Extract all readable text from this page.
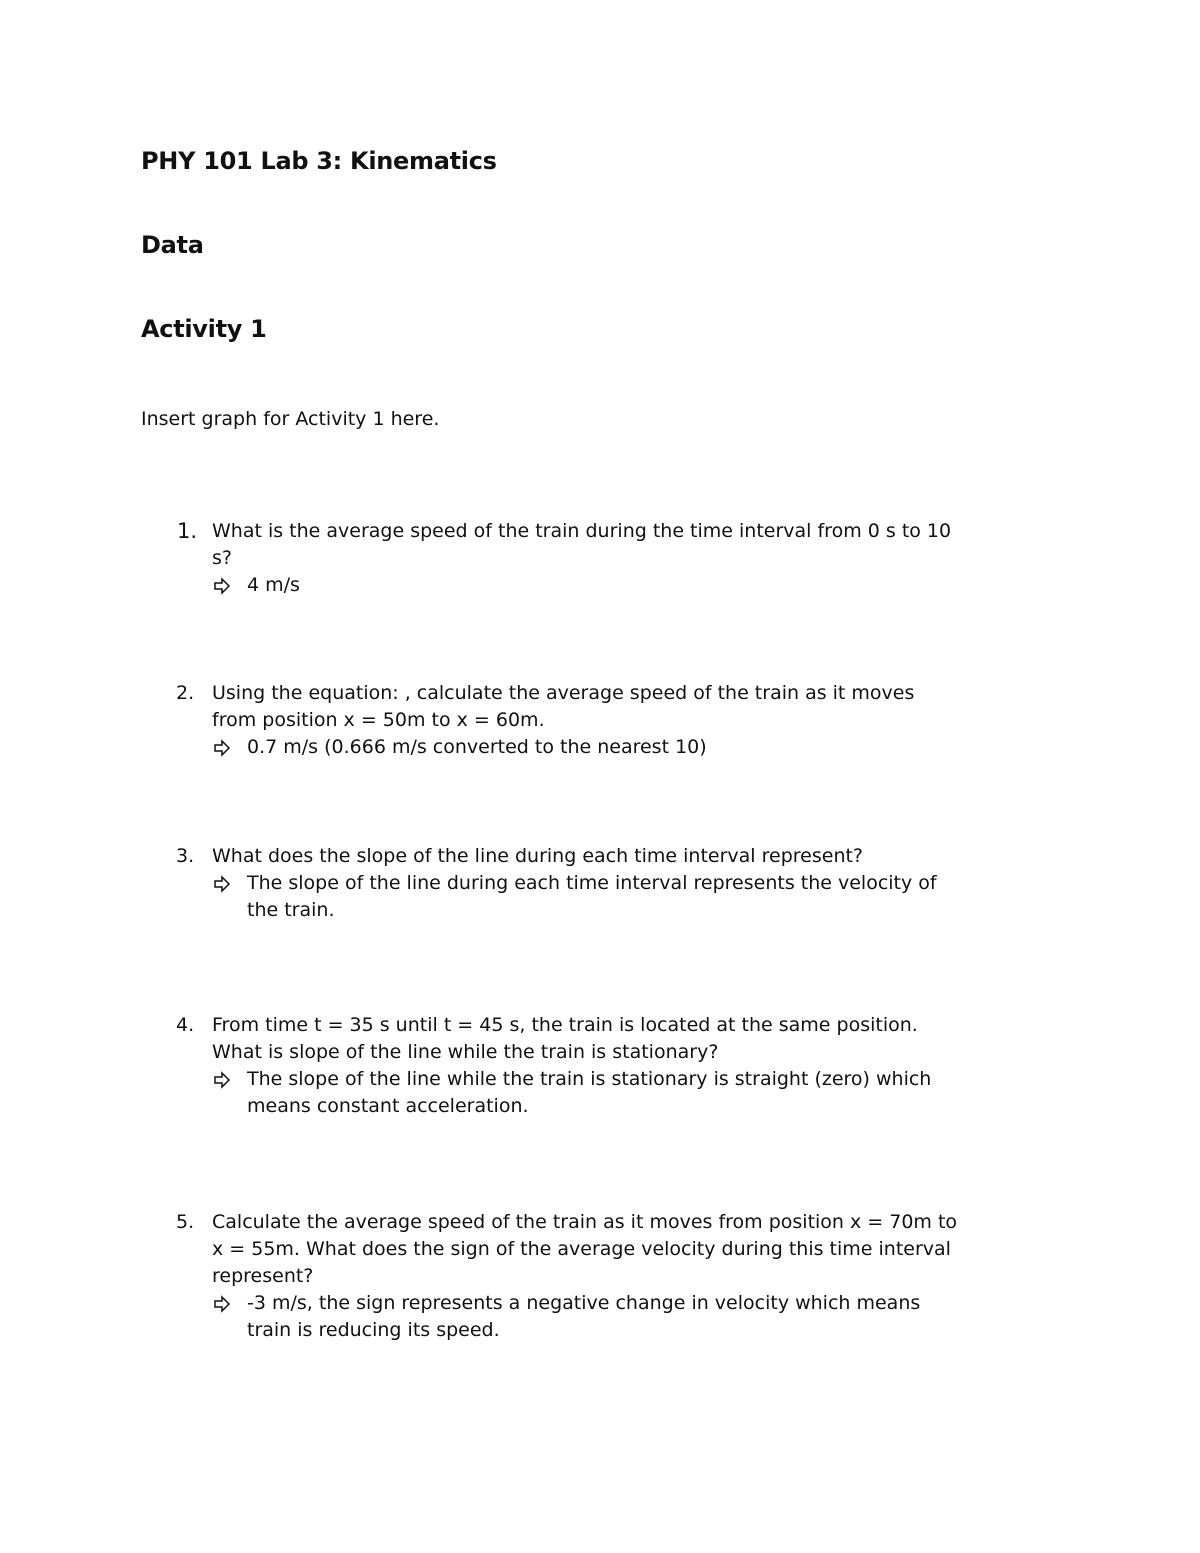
PHY 101 Lab 3: Kinematics
Data
Activity 1

Insert graph for Activity 1 here.

1. What is the average speed of the train during the time interval from 0 s to 10
s?
4 m/s
2. Using the equation: , calculate the average speed of the train as it moves
from position x = 50m to x = 60m.
0.7 m/s (0.666 m/s converted to the nearest 10)
3. What does the slope of the line during each time interval represent?
The slope of the line during each time interval represents the velocity of
the train.
4. From time t = 35 s until t = 45 s, the train is located at the same position.
What is slope of the line while the train is stationary?
The slope of the line while the train is stationary is straight (zero) which
means constant acceleration.
5. Calculate the average speed of the train as it moves from position x = 70m to
x = 55m. What does the sign of the average velocity during this time interval
represent?
-3 m/s, the sign represents a negative change in velocity which means
train is reducing its speed.
